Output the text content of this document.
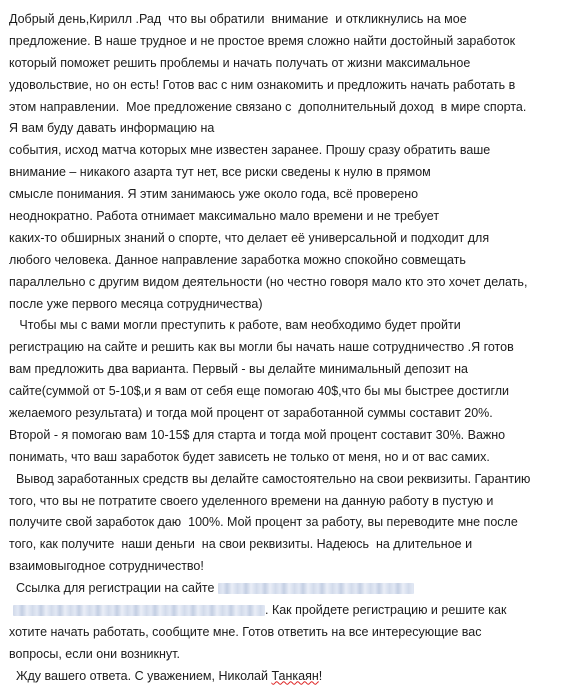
Добрый день,Кирилл .Рад  что вы обратили  внимание  и откликнулись на мое
предложение. В наше трудное и не простое время сложно найти достойный заработок
который поможет решить проблемы и начать получать от жизни максимальное
удовольствие, но он есть! Готов вас с ним ознакомить и предложить начать работать в
этом направлении.  Мое предложение связано с  дополнительный доход  в мире спорта.
Я вам буду давать информацию на
события, исход матча которых мне известен заранее. Прошу сразу обратить ваше
внимание – никакого азарта тут нет, все риски сведены к нулю в прямом
смысле понимания. Я этим занимаюсь уже около года, всё проверено
неоднократно. Работа отнимает максимально мало времени и не требует
каких-то обширных знаний о спорте, что делает её универсальной и подходит для
любого человека. Данное направление заработка можно спокойно совмещать
параллельно с другим видом деятельности (но честно говоря мало кто это хочет делать,
после уже первого месяца сотрудничества)
Чтобы мы с вами могли преступить к работе, вам необходимо будет пройти
регистрацию на сайте и решить как вы могли бы начать наше сотрудничество .Я готов
вам предложить два варианта. Первый - вы делайте минимальный депозит на
сайте(суммой от 5-10$,и я вам от себя еще помогаю 40$,что бы мы быстрее достигли
желаемого результата) и тогда мой процент от заработанной суммы составит 20%.
Второй - я помогаю вам 10-15$ для старта и тогда мой процент составит 30%. Важно
понимать, что ваш заработок будет зависеть не только от меня, но и от вас самих.
Вывод заработанных средств вы делайте самостоятельно на свои реквизиты. Гарантию
того, что вы не потратите своего уделенного времени на данную работу в пустую и
получите свой заработок даю  100%. Мой процент за работу, вы переводите мне после
того, как получите  наши деньги  на свои реквизиты. Надеюсь  на длительное и
взаимовыгодное сотрудничество!
Ссылка для регистрации на сайте
. Как пройдете регистрацию и решите как
хотите начать работать, сообщите мне. Готов ответить на все интересующие вас
вопросы, если они возникнут.
Жду вашего ответа. С уважением, Николай Танкаян!
